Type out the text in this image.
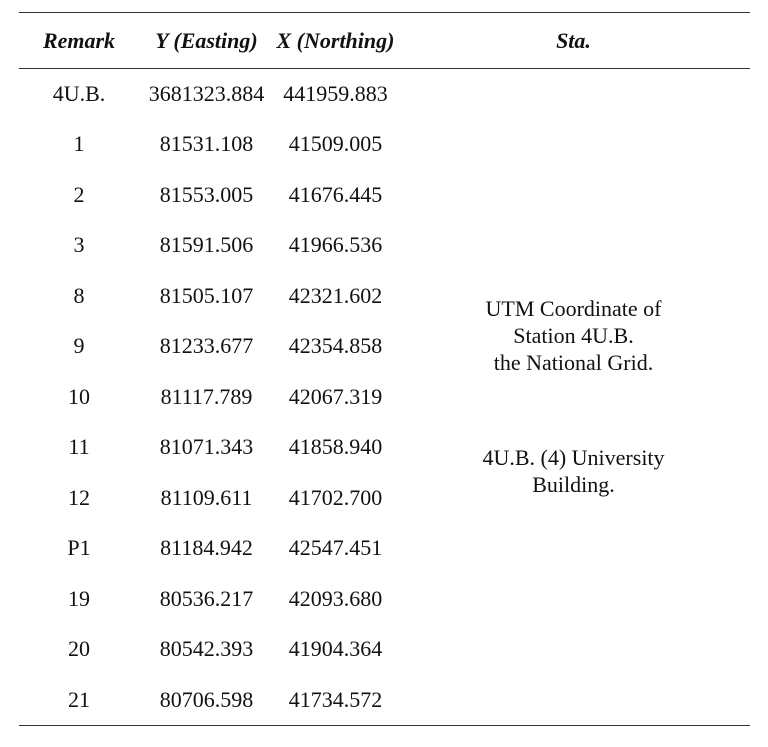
Remark	Y (Easting)	X (Northing)	Sta.
4U.B.	3681323.884	441959.883	UTM Coordinate of
Station 4U.B.
the National Grid.
4U.B. (4) University
Building.

1	81531.108	41509.005	
2	81553.005	41676.445	
3	81591.506	41966.536	
8	81505.107	42321.602	
9	81233.677	42354.858	
10	81117.789	42067.319	
11	81071.343	41858.940	
12	81109.611	41702.700	
P1	81184.942	42547.451	
19	80536.217	42093.680	
20	80542.393	41904.364	
21	80706.598	41734.572	
